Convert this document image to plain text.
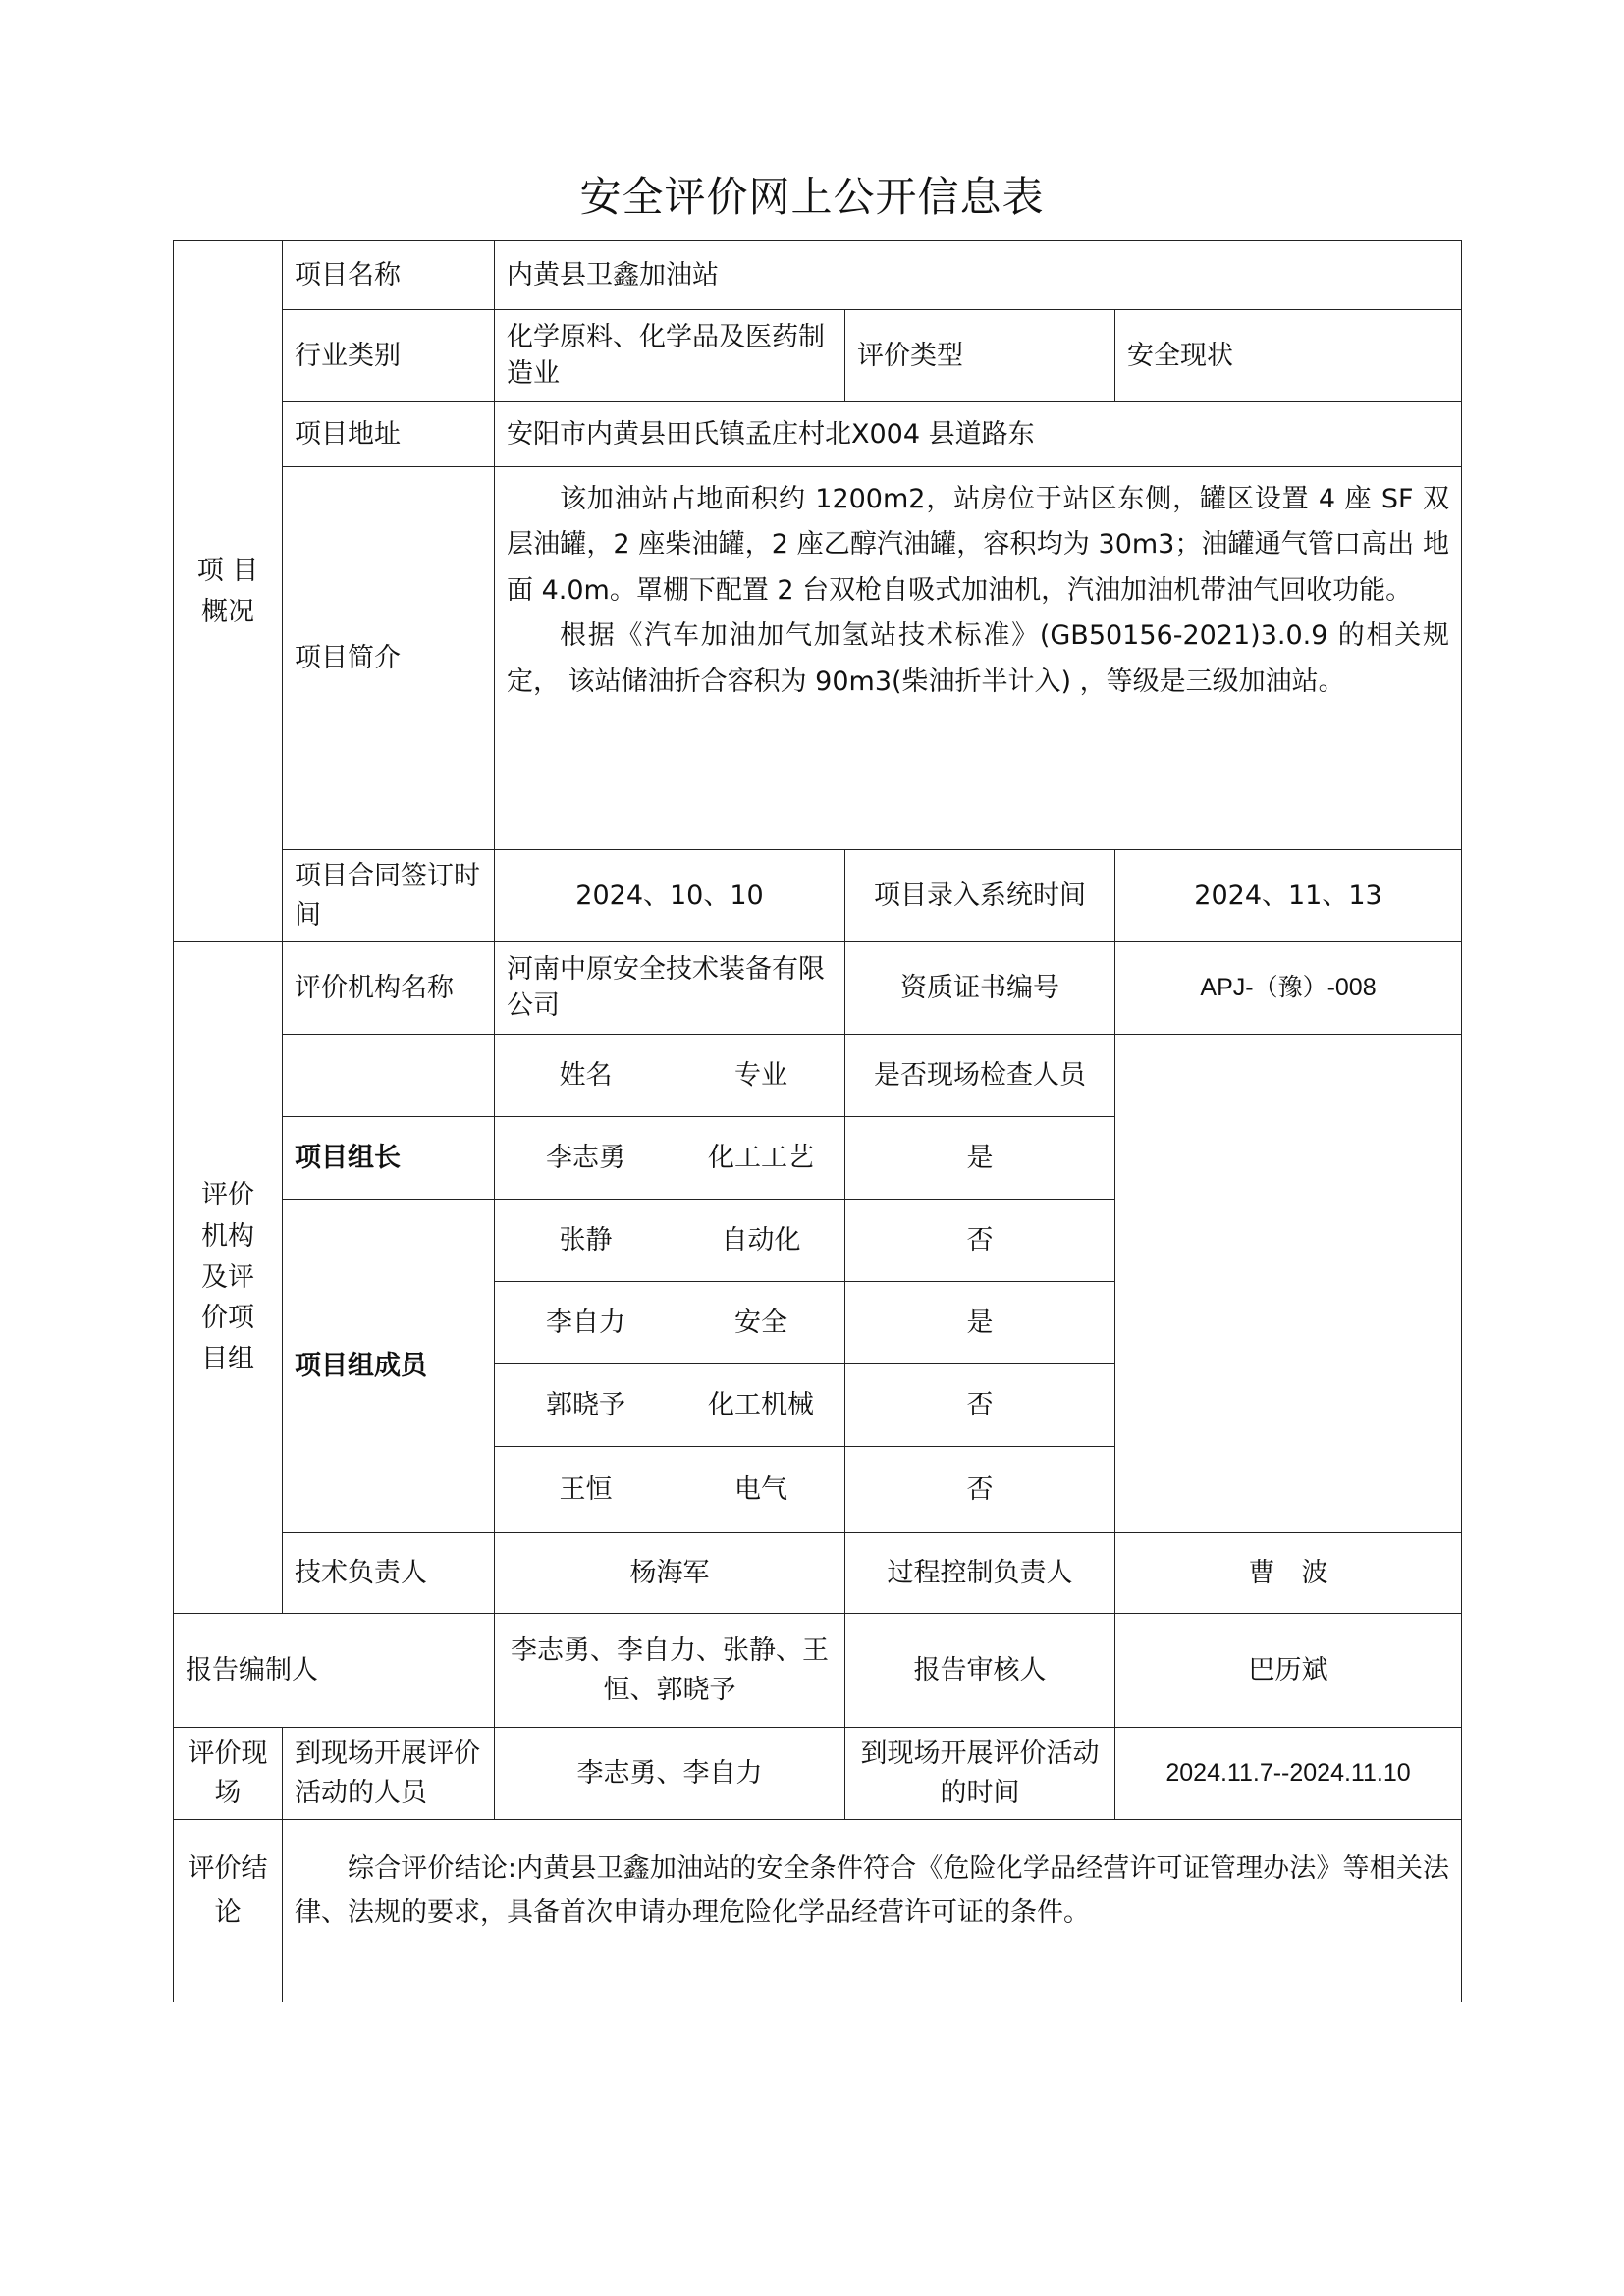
安全评价网上公开信息表
项 目
概况	项目名称	内黄县卫鑫加油站			
	行业类别	化学原料、化学品及医药制造业		评价类型	安全现状
	项目地址	安阳市内黄县田氏镇孟庄村北X004 县道路东			
	项目简介	该加油站占地面积约 1200m2，站房位于站区东侧，罐区设置 4 座 SF 双 层油罐，2 座柴油罐，2 座乙醇汽油罐，容积均为 30m3；油罐通气管口高出 地面 4.0m。罩棚下配置 2 台双枪自吸式加油机，汽油加油机带油气回收功能。

根据《汽车加油加气加氢站技术标准》(GB50156-2021)3.0.9 的相关规定， 该站储油折合容积为 90m3(柴油折半计入) ，等级是三级加油站。			

	项目合同签订时间	2024、10、10		项目录入系统时间	2024、11、13

评价
机构
及评
价项
目组	评价机构名称	河南中原安全技术装备有限公司		资质证书编号	APJ-（豫）-008
		姓名	专业	是否现场检查人员	
	项目组长	李志勇	化工工艺	是	
	项目组成员	张静	自动化	否	
		李自力	安全	是	
		郭晓予	化工机械	否	
		王恒	电气	否	
	技术负责人	杨海军		过程控制负责人	曹　波

报告编制人		李志勇、李自力、张静、王恒、郭晓予		报告审核人	巴历斌
评价现场	到现场开展评价活动的人员	李志勇、李自力		到现场开展评价活动的时间	2024.11.7--2024.11.10
评价结论	综合评价结论:内黄县卫鑫加油站的安全条件符合《危险化学品经营许可证管理办法》等相关法律、法规的要求，具备首次申请办理危险化学品经营许可证的条件。				
